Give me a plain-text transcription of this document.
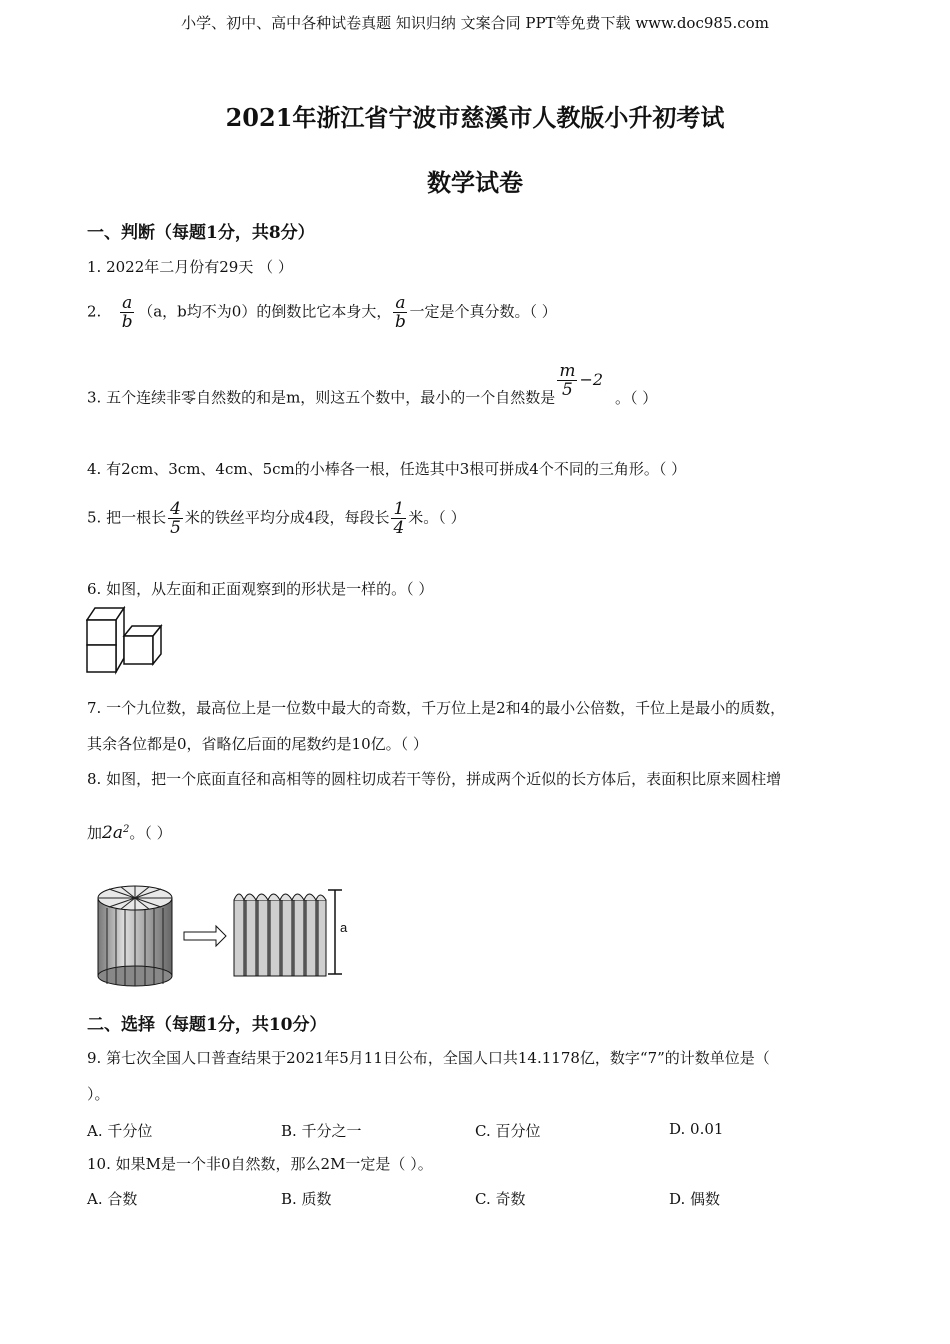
小学、初中、高中各种试卷真题 知识归纳 文案合同 PPT等免费下载 www.doc985.com
2021年浙江省宁波市慈溪市人教版小升初考试
数学试卷
一、判断（每题1分，共8分）
1. 2022年二月份有29天 （ ）
2. $\frac{a}{b} (a$，b均不为0）的倒数比它本身大， $\frac{a}{b}$ 一定是个真分数。（ ）
3. 五个连续非零自然数的和是m，则这五个数中，最小的一个自然数是 $\frac{m}{5} -2$。（ ）
4. 有2cm、3cm、4cm、5cm的小棒各一根，任选其中3根可拼成4个不同的三角形。（ ）
5. 把一根长 $\frac{4}{5}$ 米的铁丝平均分成4段，每段长 $\frac{1}{4}$ 米。（ ）
6. 如图，从左面和正面观察到的形状是一样的。（ ）
7. 一个九位数，最高位上是一位数中最大的奇数，千万位上是2和4的最小公倍数，千位上是最小的质数，
其余各位都是0，省略亿后面的尾数约是10亿。（ ）
8. 如图，把一个底面直径和高相等的圆柱切成若干等份，拼成两个近似的长方体后，表面积比原来圆柱增
加$2a^2$。（ ）
a
二、选择（每题1分，共10分）
9. 第七次全国人口普查结果于2021年5月11日公布，全国人口共14.1178亿，数字“7”的计数单位是（
）。
A. 千分位	B. 千分之一	C. 百分位	D. 0.01
10. 如果M是一个非0自然数，那么2M一定是（ ）。
A. 合数	B. 质数	C. 奇数	D. 偶数
